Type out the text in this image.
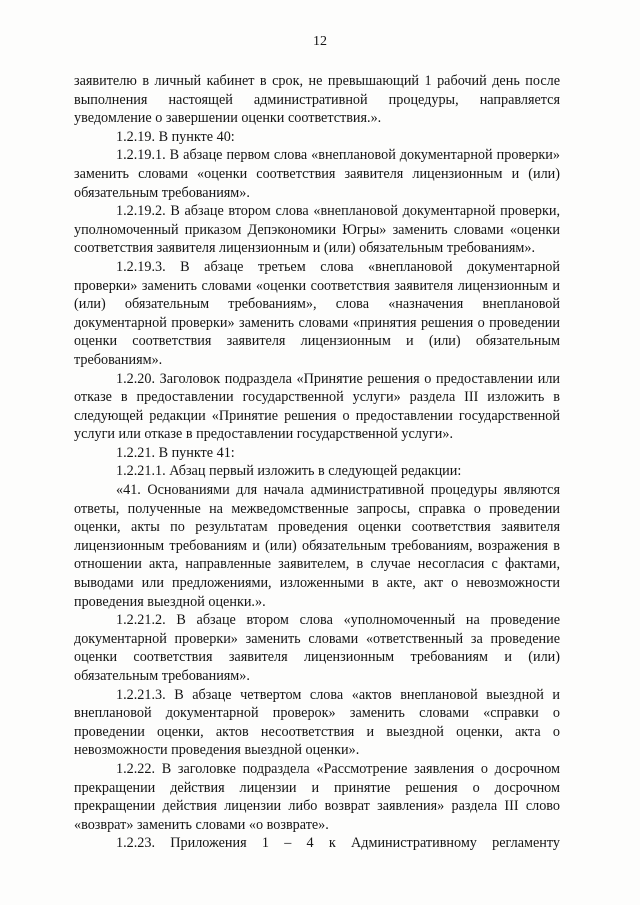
12

заявителю в личный кабинет в срок, не превышающий 1 рабочий день после выполнения настоящей административной процедуры, направляется уведомление о завершении оценки соответствия.».

1.2.19. В пункте 40:

1.2.19.1. В абзаце первом слова «внеплановой документарной проверки» заменить словами «оценки соответствия заявителя лицензионным и (или) обязательным требованиям».

1.2.19.2. В абзаце втором слова «внеплановой документарной проверки, уполномоченный приказом Депэкономики Югры» заменить словами «оценки соответствия заявителя лицензионным и (или) обязательным требованиям».

1.2.19.3. В абзаце третьем слова «внеплановой документарной проверки» заменить словами «оценки соответствия заявителя лицензионным и (или) обязательным требованиям», слова «назначения внеплановой документарной проверки» заменить словами «принятия решения о проведении оценки соответствия заявителя лицензионным и (или) обязательным требованиям».

1.2.20. Заголовок подраздела «Принятие решения о предоставлении или отказе в предоставлении государственной услуги» раздела III изложить в следующей редакции «Принятие решения о предоставлении государственной услуги или отказе в предоставлении государственной услуги».

1.2.21. В пункте 41:

1.2.21.1. Абзац первый изложить в следующей редакции:

«41. Основаниями для начала административной процедуры являются ответы, полученные на межведомственные запросы, справка о проведении оценки, акты по результатам проведения оценки соответствия заявителя лицензионным требованиям и (или) обязательным требованиям, возражения в отношении акта, направленные заявителем, в случае несогласия с фактами, выводами или предложениями, изложенными в акте, акт о невозможности проведения выездной оценки.».

1.2.21.2. В абзаце втором слова «уполномоченный на проведение документарной проверки» заменить словами «ответственный за проведение оценки соответствия заявителя лицензионным требованиям и (или) обязательным требованиям».

1.2.21.3. В абзаце четвертом слова «актов внеплановой выездной и внеплановой документарной проверок» заменить словами «справки о проведении оценки, актов несоответствия и выездной оценки, акта о невозможности проведения выездной оценки».

1.2.22. В заголовке подраздела «Рассмотрение заявления о досрочном прекращении действия лицензии и принятие решения о досрочном прекращении действия лицензии либо возврат заявления» раздела III слово «возврат» заменить словами «о возврате».

1.2.23. Приложения 1 – 4 к Административному регламенту
